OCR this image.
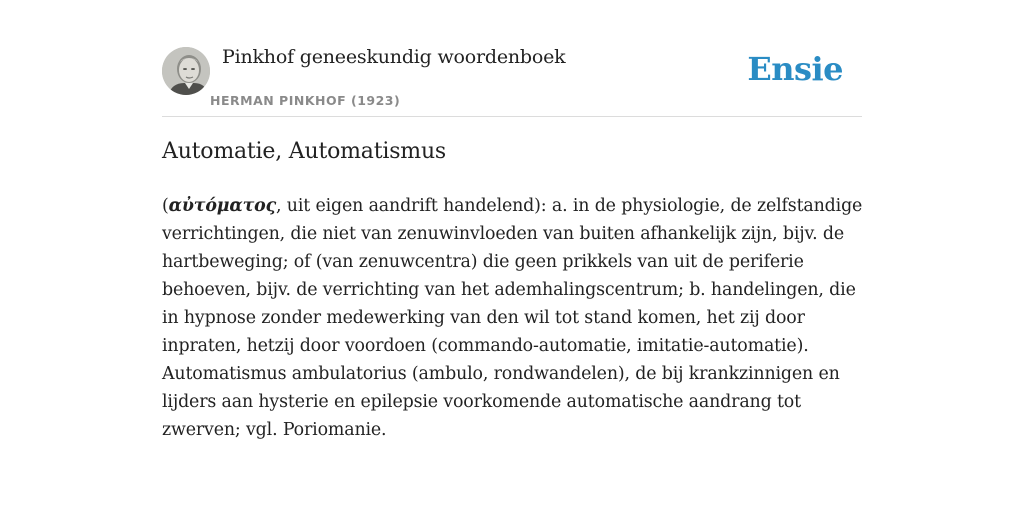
Pinkhof geneeskundig woordenboek
HERMAN PINKHOF (1923)
Ensie
Automatie, Automatismus

(αὐτόματος, uit eigen aandrift handelend): a. in de physiologie, de zelfstandige verrichtingen, die niet van zenuwinvloeden van buiten afhankelijk zijn, bijv. de hartbeweging; of (van zenuwcentra) die geen prikkels van uit de periferie behoeven, bijv. de verrichting van het ademhalingscentrum; b. handelingen, die in hypnose zonder medewerking van den wil tot stand komen, het zij door inpraten, hetzij door voordoen (commando-automatie, imitatie-automatie). Automatismus ambulatorius (ambulo, rondwandelen), de bij krankzinnigen en lijders aan hysterie en epilepsie voorkomende automatische aandrang tot zwerven; vgl. Poriomanie.
